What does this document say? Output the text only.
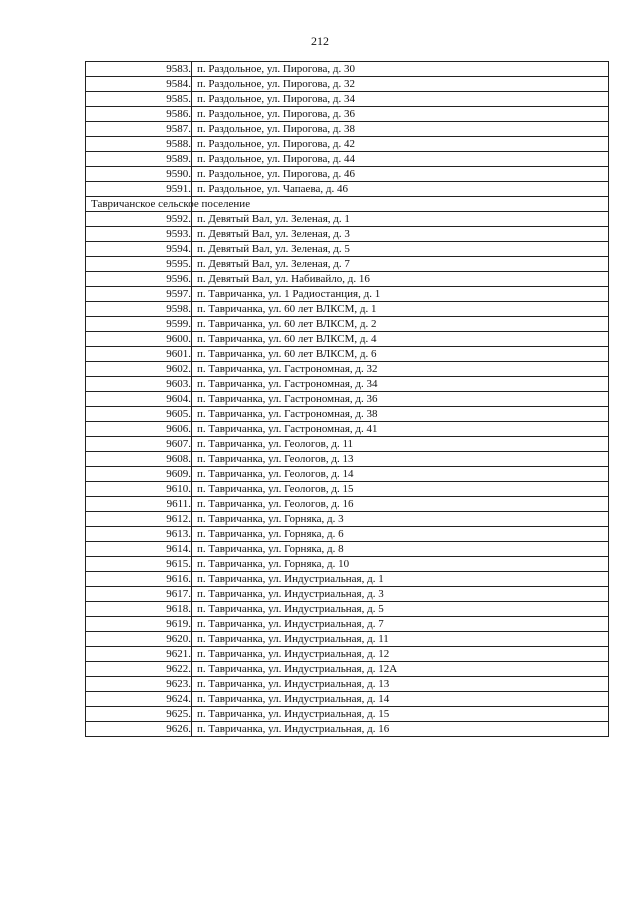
212
9583.	п. Раздольное, ул. Пирогова, д. 30
9584.	п. Раздольное, ул. Пирогова, д. 32
9585.	п. Раздольное, ул. Пирогова, д. 34
9586.	п. Раздольное, ул. Пирогова, д. 36
9587.	п. Раздольное, ул. Пирогова, д. 38
9588.	п. Раздольное, ул. Пирогова, д. 42
9589.	п. Раздольное, ул. Пирогова, д. 44
9590.	п. Раздольное, ул. Пирогова, д. 46
9591.	п. Раздольное, ул. Чапаева, д. 46
Тавричанское сельское поселение	
9592.	п. Девятый Вал, ул. Зеленая, д. 1
9593.	п. Девятый Вал, ул. Зеленая, д. 3
9594.	п. Девятый Вал, ул. Зеленая, д. 5
9595.	п. Девятый Вал, ул. Зеленая, д. 7
9596.	п. Девятый Вал, ул. Набивайло, д. 16
9597.	п. Тавричанка, ул. 1 Радиостанция, д. 1
9598.	п. Тавричанка, ул. 60 лет ВЛКСМ, д. 1
9599.	п. Тавричанка, ул. 60 лет ВЛКСМ, д. 2
9600.	п. Тавричанка, ул. 60 лет ВЛКСМ, д. 4
9601.	п. Тавричанка, ул. 60 лет ВЛКСМ, д. 6
9602.	п. Тавричанка, ул. Гастрономная, д. 32
9603.	п. Тавричанка, ул. Гастрономная, д. 34
9604.	п. Тавричанка, ул. Гастрономная, д. 36
9605.	п. Тавричанка, ул. Гастрономная, д. 38
9606.	п. Тавричанка, ул. Гастрономная, д. 41
9607.	п. Тавричанка, ул. Геологов, д. 11
9608.	п. Тавричанка, ул. Геологов, д. 13
9609.	п. Тавричанка, ул. Геологов, д. 14
9610.	п. Тавричанка, ул. Геологов, д. 15
9611.	п. Тавричанка, ул. Геологов, д. 16
9612.	п. Тавричанка, ул. Горняка, д. 3
9613.	п. Тавричанка, ул. Горняка, д. 6
9614.	п. Тавричанка, ул. Горняка, д. 8
9615.	п. Тавричанка, ул. Горняка, д. 10
9616.	п. Тавричанка, ул. Индустриальная, д. 1
9617.	п. Тавричанка, ул. Индустриальная, д. 3
9618.	п. Тавричанка, ул. Индустриальная, д. 5
9619.	п. Тавричанка, ул. Индустриальная, д. 7
9620.	п. Тавричанка, ул. Индустриальная, д. 11
9621.	п. Тавричанка, ул. Индустриальная, д. 12
9622.	п. Тавричанка, ул. Индустриальная, д. 12А
9623.	п. Тавричанка, ул. Индустриальная, д. 13
9624.	п. Тавричанка, ул. Индустриальная, д. 14
9625.	п. Тавричанка, ул. Индустриальная, д. 15
9626.	п. Тавричанка, ул. Индустриальная, д. 16
